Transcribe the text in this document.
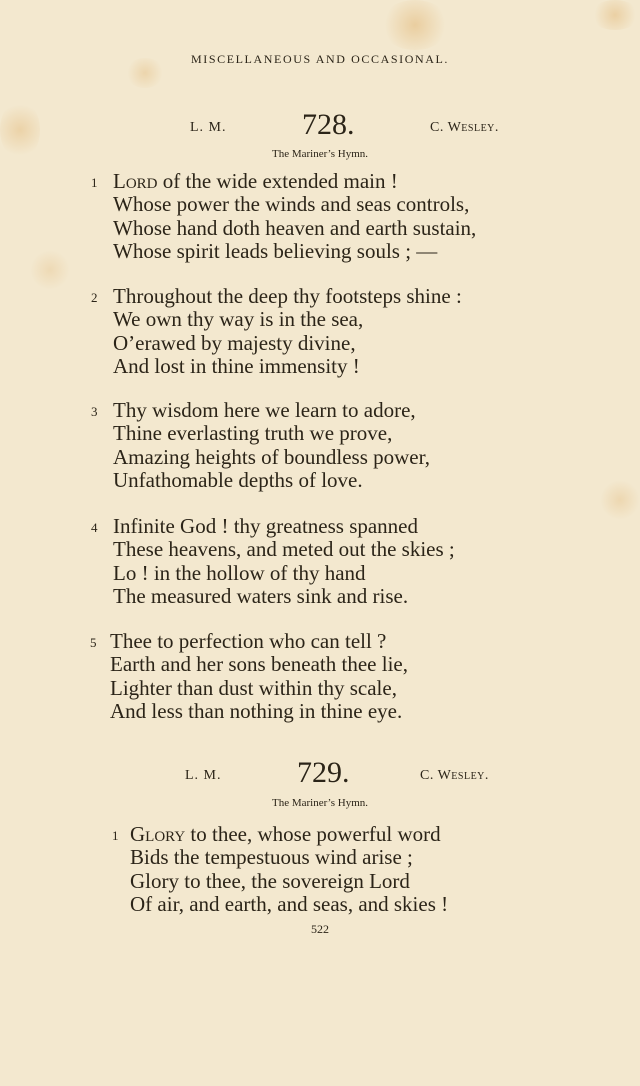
MISCELLANEOUS AND OCCASIONAL.
L. M.	728.	C. Wesley.
The Mariner’s Hymn.
1 Lord of the wide extended main !
Whose power the winds and seas controls,
Whose hand doth heaven and earth sustain,
Whose spirit leads believing souls ; —
2 Throughout the deep thy footsteps shine :
We own thy way is in the sea,
O’erawed by majesty divine,
And lost in thine immensity !
3 Thy wisdom here we learn to adore,
Thine everlasting truth we prove,
Amazing heights of boundless power,
Unfathomable depths of love.
4 Infinite God ! thy greatness spanned
These heavens, and meted out the skies ;
Lo ! in the hollow of thy hand
The measured waters sink and rise.
5 Thee to perfection who can tell ?
Earth and her sons beneath thee lie,
Lighter than dust within thy scale,
And less than nothing in thine eye.
L. M.	729.	C. Wesley.
The Mariner’s Hymn.
1 Glory to thee, whose powerful word
Bids the tempestuous wind arise ;
Glory to thee, the sovereign Lord
Of air, and earth, and seas, and skies !
522
